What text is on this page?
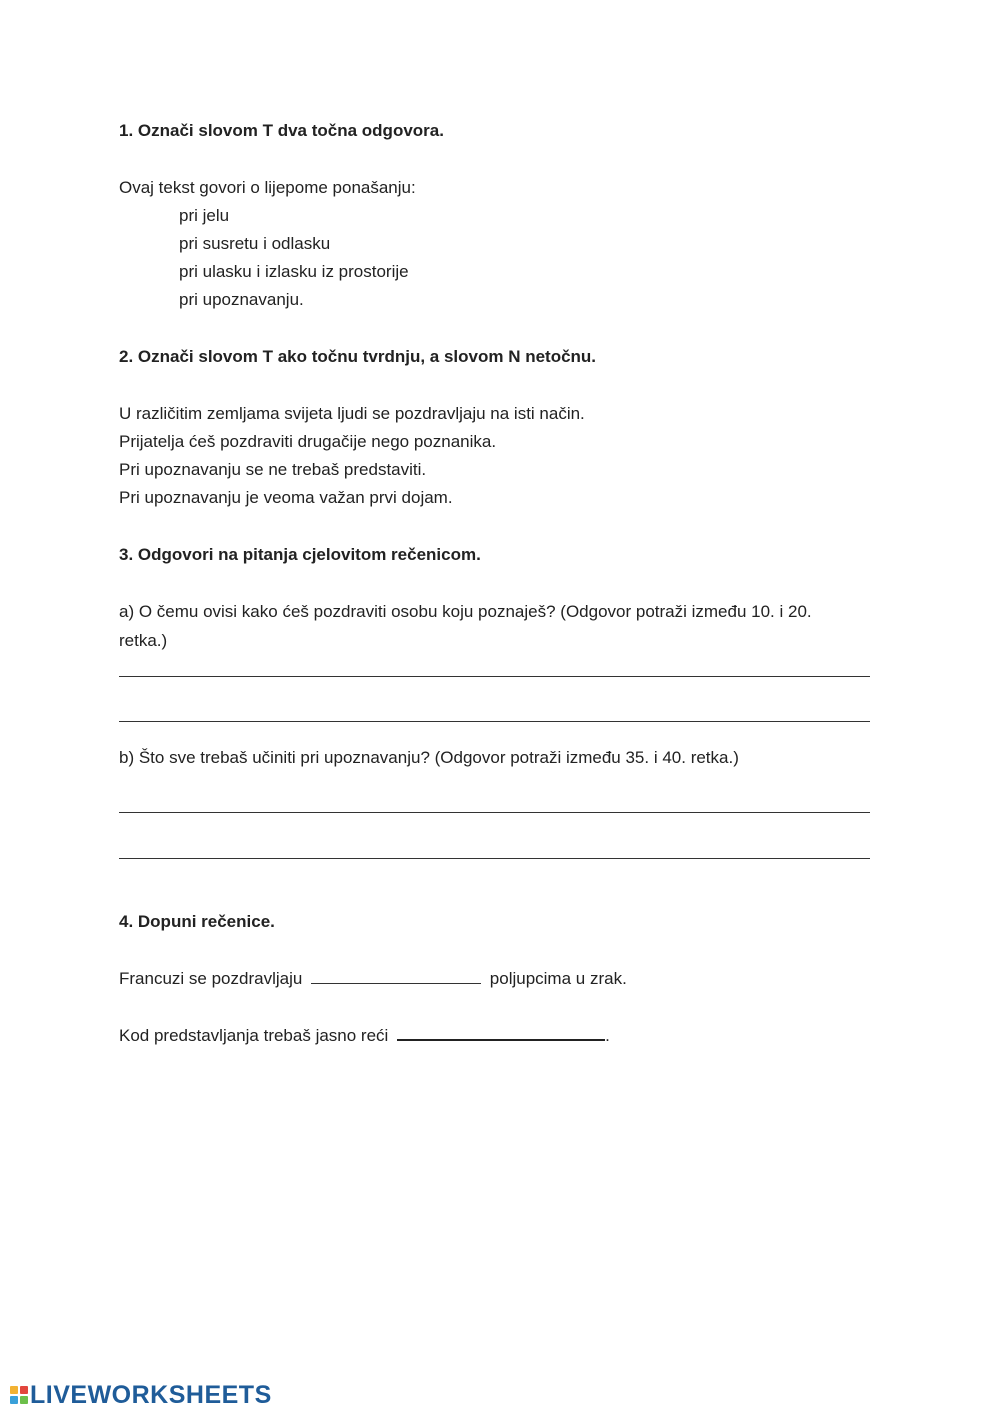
1. Označi slovom T dva točna odgovora.
Ovaj tekst govori o lijepome ponašanju:
pri jelu
pri susretu i odlasku
pri ulasku i izlasku iz prostorije
pri upoznavanju.
2. Označi slovom T ako točnu tvrdnju, a slovom N netočnu.
U različitim zemljama svijeta ljudi se pozdravljaju na isti način.
Prijatelja ćeš pozdraviti drugačije nego poznanika.
Pri upoznavanju se ne trebaš predstaviti.
Pri upoznavanju je veoma važan prvi dojam.
3. Odgovori na pitanja cjelovitom rečenicom.
a) O čemu ovisi kako ćeš pozdraviti osobu koju poznaješ? (Odgovor potraži između 10. i 20.
retka.)
b) Što sve trebaš učiniti pri upoznavanju? (Odgovor potraži između 35. i 40. retka.)
4. Dopuni rečenice.
Francuzi se pozdravljaju	poljupcima u zrak.
Kod predstavljanja trebaš jasno reći	.
LIVEWORKSHEETS
